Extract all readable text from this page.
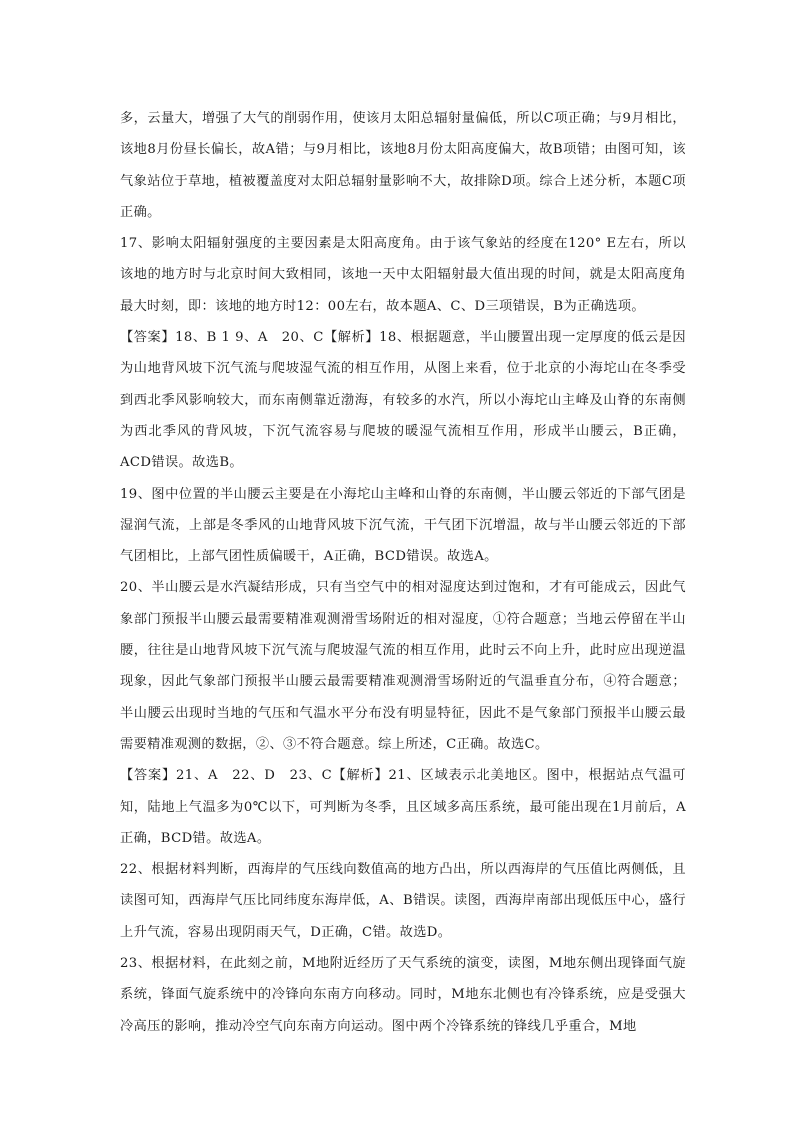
多，云量大，增强了大气的削弱作用，使该月太阳总辐射量偏低，所以C项正确；与9月相比，该地8月份昼长偏长，故A错；与9月相比，该地8月份太阳高度偏大，故B项错；由图可知，该气象站位于草地，植被覆盖度对太阳总辐射量影响不大，故排除D项。综合上述分析，本题C项正确。

17、影响太阳辐射强度的主要因素是太阳高度角。由于该气象站的经度在120° E左右，所以该地的地方时与北京时间大致相同，该地一天中太阳辐射最大值出现的时间，就是太阳高度角最大时刻，即：该地的地方时12：00左右，故本题A、C、D三项错误，B为正确选项。

【答案】18、B 1 9、A　20、C【解析】18、根据题意，半山腰置出现一定厚度的低云是因为山地背风坡下沉气流与爬坡湿气流的相互作用，从图上来看，位于北京的小海坨山在冬季受到西北季风影响较大，而东南侧靠近渤海，有较多的水汽，所以小海坨山主峰及山脊的东南侧为西北季风的背风坡，下沉气流容易与爬坡的暖湿气流相互作用，形成半山腰云，B正确，ACD错误。故选B。

19、图中位置的半山腰云主要是在小海坨山主峰和山脊的东南侧，半山腰云邻近的下部气团是湿润气流，上部是冬季风的山地背风坡下沉气流，干气团下沉增温，故与半山腰云邻近的下部气团相比，上部气团性质偏暖干，A正确，BCD错误。故选A。

20、半山腰云是水汽凝结形成，只有当空气中的相对湿度达到过饱和，才有可能成云，因此气象部门预报半山腰云最需要精准观测滑雪场附近的相对湿度，①符合题意；当地云停留在半山腰，往往是山地背风坡下沉气流与爬坡湿气流的相互作用，此时云不向上升，此时应出现逆温现象，因此气象部门预报半山腰云最需要精准观测滑雪场附近的气温垂直分布，④符合题意；半山腰云出现时当地的气压和气温水平分布没有明显特征，因此不是气象部门预报半山腰云最需要精准观测的数据，②、③不符合题意。综上所述，C正确。故选C。

【答案】21、A　22、D　23、C【解析】21、区域表示北美地区。图中，根据站点气温可知，陆地上气温多为0℃以下，可判断为冬季，且区域多高压系统，最可能出现在1月前后，A正确，BCD错。故选A。

22、根据材料判断，西海岸的气压线向数值高的地方凸出，所以西海岸的气压值比两侧低，且读图可知，西海岸气压比同纬度东海岸低，A、B错误。读图，西海岸南部出现低压中心，盛行上升气流，容易出现阴雨天气，D正确，C错。故选D。

23、根据材料，在此刻之前，M地附近经历了天气系统的演变，读图，M地东侧出现锋面气旋系统，锋面气旋系统中的冷锋向东南方向移动。同时，M地东北侧也有冷锋系统，应是受强大冷高压的影响，推动冷空气向东南方向运动。图中两个冷锋系统的锋线几乎重合，M地
